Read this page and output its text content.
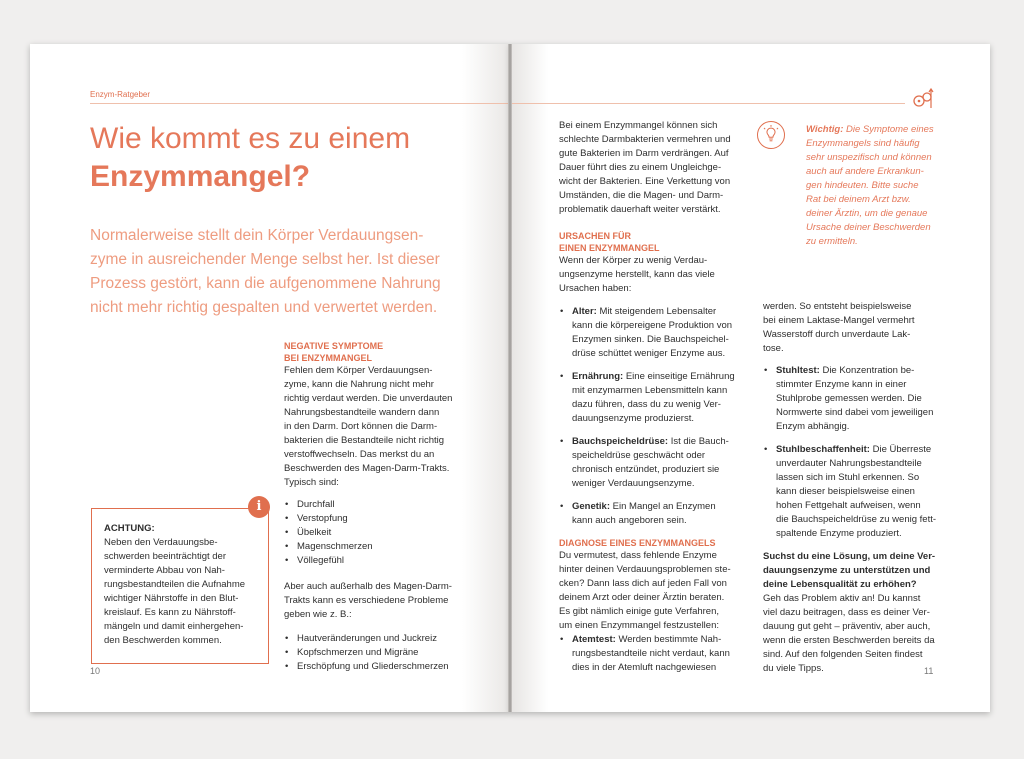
Enzym-Ratgeber
Wie kommt es zu einem
Enzymmangel?
Normalerweise stellt dein Körper Verdauungsen-
zyme in ausreichender Menge selbst her. Ist dieser
Prozess gestört, kann die aufgenommene Nahrung
nicht mehr richtig gespalten und verwertet werden.
NEGATIVE SYMPTOME
BEI ENZYMMANGEL
Fehlen dem Körper Verdauungsen-
zyme, kann die Nahrung nicht mehr
richtig verdaut werden. Die unverdauten
Nahrungsbestandteile wandern dann
in den Darm. Dort können die Darm-
bakterien die Bestandteile nicht richtig
verstoffwechseln. Das merkst du an
Beschwerden des Magen-Darm-Trakts.
Typisch sind:
• Durchfall
• Verstopfung
• Übelkeit
• Magenschmerzen
• Völlegefühl
Aber auch außerhalb des Magen-Darm-
Trakts kann es verschiedene Probleme
geben wie z. B.:
• Hautveränderungen und Juckreiz
• Kopfschmerzen und Migräne
• Erschöpfung und Gliederschmerzen
i
ACHTUNG:
Neben den Verdauungsbe-
schwerden beeinträchtigt der
verminderte Abbau von Nah-
rungsbestandteilen die Aufnahme
wichtiger Nährstoffe in den Blut-
kreislauf. Es kann zu Nährstoff-
mängeln und damit einhergehen-
den Beschwerden kommen.
10
Bei einem Enzymmangel können sich
schlechte Darmbakterien vermehren und
gute Bakterien im Darm verdrängen. Auf
Dauer führt dies zu einem Ungleichge-
wicht der Bakterien. Eine Verkettung von
Umständen, die die Magen- und Darm-
problematik dauerhaft weiter verstärkt.
URSACHEN FÜR
EINEN ENZYMMANGEL
Wenn der Körper zu wenig Verdau-
ungsenzyme herstellt, kann das viele
Ursachen haben:
• Alter: Mit steigendem Lebensalter
kann die körpereigene Produktion von
Enzymen sinken. Die Bauchspeichel-
drüse schüttet weniger Enzyme aus.
• Ernährung: Eine einseitige Ernährung
mit enzymarmen Lebensmitteln kann
dazu führen, dass du zu wenig Ver-
dauungsenzyme produzierst.
• Bauchspeicheldrüse: Ist die Bauch-
speicheldrüse geschwächt oder
chronisch entzündet, produziert sie
weniger Verdauungsenzyme.
• Genetik: Ein Mangel an Enzymen
kann auch angeboren sein.
DIAGNOSE EINES ENZYMMANGELS
Du vermutest, dass fehlende Enzyme
hinter deinen Verdauungsproblemen ste-
cken? Dann lass dich auf jeden Fall von
deinem Arzt oder deiner Ärztin beraten.
Es gibt nämlich einige gute Verfahren,
um einen Enzymmangel festzustellen:
• Atemtest: Werden bestimmte Nah-
rungsbestandteile nicht verdaut, kann
dies in der Atemluft nachgewiesen
Wichtig: Die Symptome eines
Enzymmangels sind häufig
sehr unspezifisch und können
auch auf andere Erkrankun-
gen hindeuten. Bitte suche
Rat bei deinem Arzt bzw.
deiner Ärztin, um die genaue
Ursache deiner Beschwerden
zu ermitteln.
werden. So entsteht beispielsweise
bei einem Laktase-Mangel vermehrt
Wasserstoff durch unverdaute Lak-
tose.
• Stuhltest: Die Konzentration be-
stimmter Enzyme kann in einer
Stuhlprobe gemessen werden. Die
Normwerte sind dabei vom jeweiligen
Enzym abhängig.
• Stuhlbeschaffenheit: Die Überreste
unverdauter Nahrungsbestandteile
lassen sich im Stuhl erkennen. So
kann dieser beispielsweise einen
hohen Fettgehalt aufweisen, wenn
die Bauchspeicheldrüse zu wenig fett-
spaltende Enzyme produziert.
Suchst du eine Lösung, um deine Ver-
dauungsenzyme zu unterstützen und
deine Lebensqualität zu erhöhen?
Geh das Problem aktiv an! Du kannst
viel dazu beitragen, dass es deiner Ver-
dauung gut geht – präventiv, aber auch,
wenn die ersten Beschwerden bereits da
sind. Auf den folgenden Seiten findest
du viele Tipps.	11
